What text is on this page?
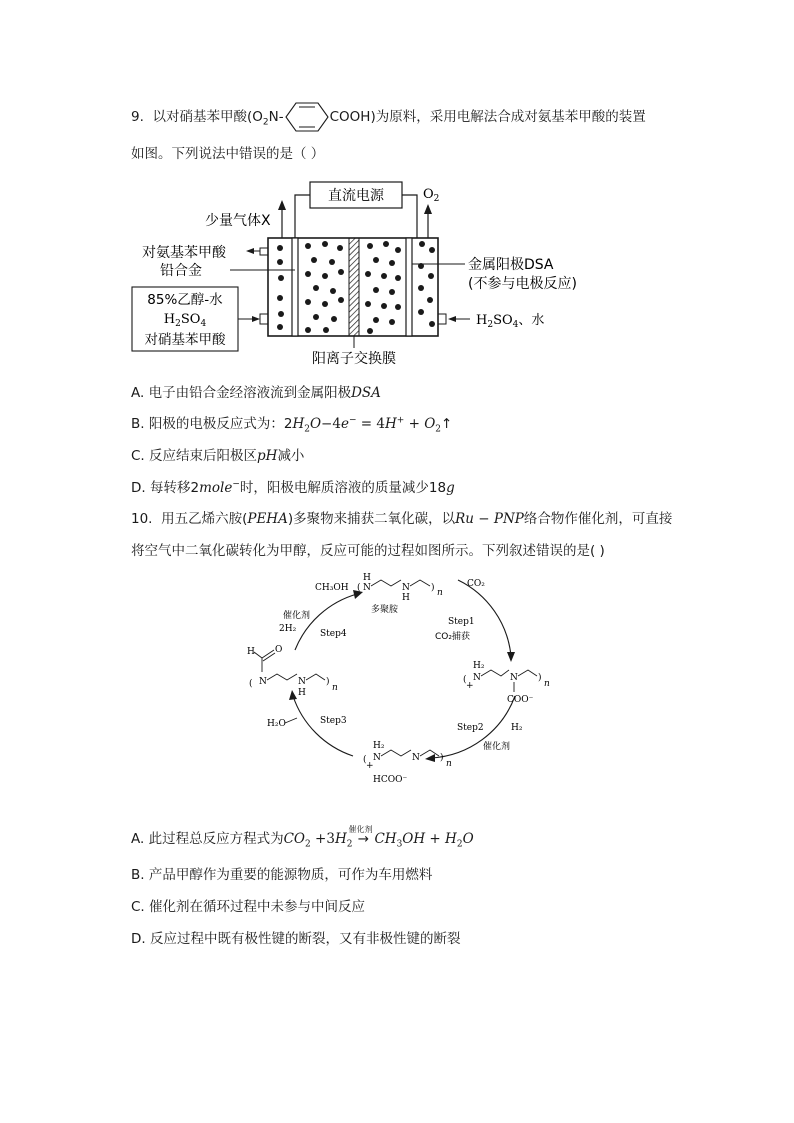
9. 以对硝基苯甲酸($O_2N-$	COOH)为原料，采用电解法合成对氨基苯甲酸的装置
如图。下列说法中错误的是（ ）
直流电源
少量气体X
$O_2$
对氨基苯甲酸
铅合金
85%乙醇-水
$H_2SO_4$
对硝基苯甲酸
金属阳极DSA
(不参与电极反应)
$H_2SO_4$、水
阳离子交换膜
A. 电子由铅合金经溶液流到金属阳极DSA
B. 阳极的电极反应式为：$2H_2O-4e^- = 4H^+$ + $O_2↑$
C. 反应结束后阳极区pH减小
D. 每转移2mole−时，阳极电解质溶液的质量减少18g
10. 用五乙烯六胺(PEHA)多聚物来捕获二氧化碳，以Ru − PNP络合物作催化剂，可直接
将空气中二氧化碳转化为甲醇，反应可能的过程如图所示。下列叙述错误的是( )
(
H
N	N
H
) n
多聚胺
CH₃OH	CO₂
Step1
CO₂捕获
催化剂
2H₂	Step4
Step2	H₂
催化剂
Step3
H₂O
H₂
( N
+
N )
n
COO⁻
H₂
( N
+
N )
n
HCOO⁻
H O
( N	N
H
)
n
A. 此过程总反应方程式为$CO_2 +3H_2$
催化剂
→ $CH_3OH + H_2O$
B. 产品甲醇作为重要的能源物质，可作为车用燃料
C. 催化剂在循环过程中未参与中间反应
D. 反应过程中既有极性键的断裂，又有非极性键的断裂
